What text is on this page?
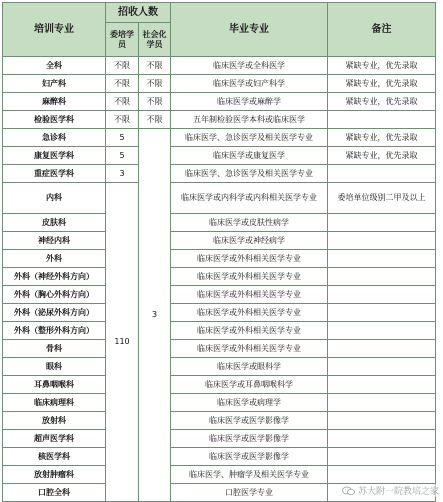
培训专业	招收人数		毕业专业	备注
	委培学员	社会化学员		
全科	不限	不限	临床医学或全科医学	紧缺专业，优先录取
妇产科	不限	不限	临床医学或妇产科学	紧缺专业，优先录取
麻醉科	不限	不限	临床医学或麻醉学	紧缺专业，优先录取
检验医学科	不限	不限	五年制检验医学本科或临床医学	
急诊科	5	3	临床医学、急诊医学及相关医学专业	紧缺专业，优先录取
康复医学科	5		临床医学或康复医学	紧缺专业，优先录取
重症医学科	3		临床医学、急诊医学及相关医学专业	
内科	110		临床医学或内科学或内科相关医学专业	委培单位级别二甲及以上
皮肤科			临床医学或皮肤性病学	
神经内科			临床医学或神经病学	
外科			临床医学或外科相关医学专业	
外科（神经外科方向）			临床医学或外科相关医学专业	
外科（胸心外科方向）			临床医学或外科相关医学专业	
外科（泌尿外科方向）			临床医学或外科相关医学专业	
外科（整形外科方向）			临床医学或外科相关医学专业	
骨科			临床医学或外科相关医学专业	
眼科			临床医学或眼科学	
耳鼻咽喉科			临床医学或耳鼻咽喉科学	
临床病理科			临床医学或病理学	
放射科			临床医学或医学影像学	
超声医学科			临床医学或医学影像学	
核医学科			临床医学或医学影像学	
放射肿瘤科			临床医学、肿瘤学及相关医学专业	
口腔全科			口腔医学专业		苏大附一院教培之家
